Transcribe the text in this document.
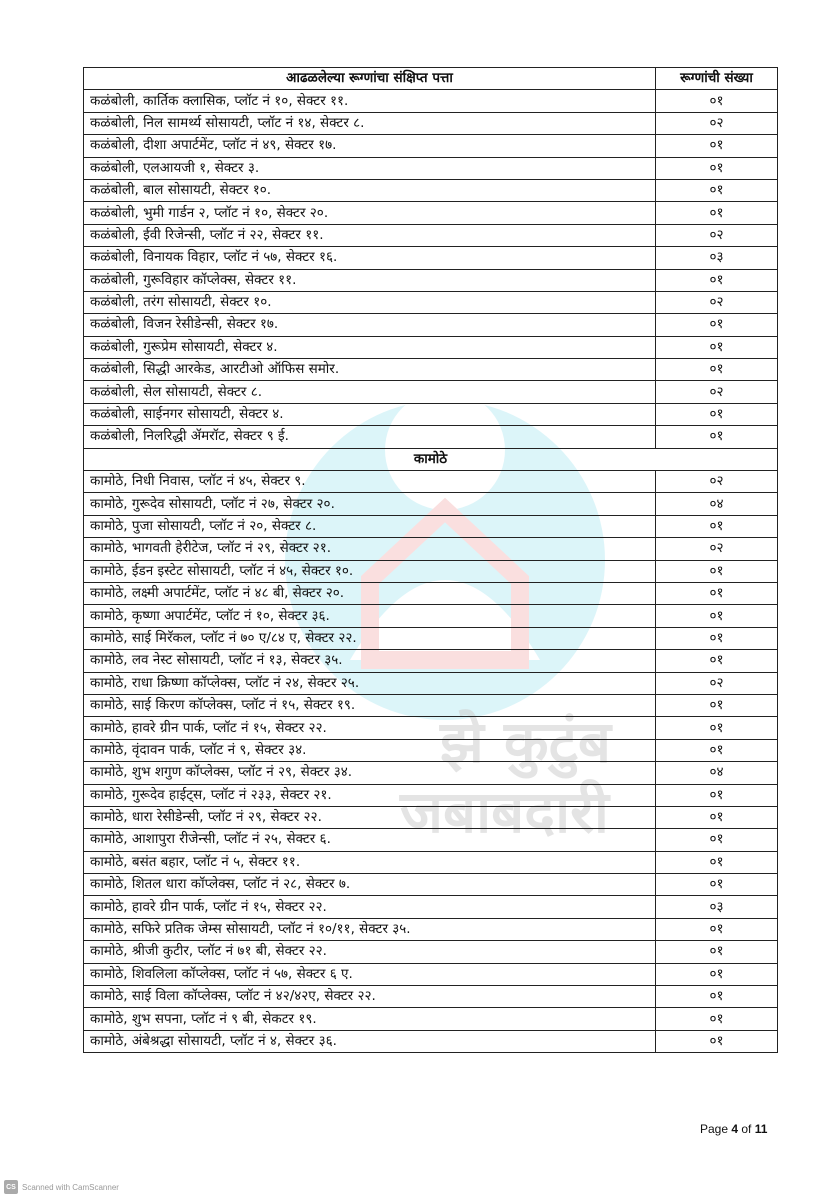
झे कुटुंब
जबाबदारी
आढळलेल्या रूग्णांचा संक्षिप्त पत्ता	रूग्णांची संख्या
कळंबोली, कार्तिक क्लासिक, प्लॉट नं १०, सेक्टर ११.	०१
कळंबोली, निल सामर्थ्य सोसायटी, प्लॉट नं १४, सेक्टर ८.	०२
कळंबोली, दीशा अपार्टमेंट, प्लॉट नं ४९, सेक्टर १७.	०१
कळंबोली, एलआयजी १, सेक्टर ३.	०१
कळंबोली, बाल सोसायटी, सेक्टर १०.	०१
कळंबोली, भुमी गार्डन २, प्लॉट नं १०, सेक्टर २०.	०१
कळंबोली, ईवी रिजेन्सी, प्लॉट नं २२, सेक्टर ११.	०२
कळंबोली, विनायक विहार, प्लॉट नं ५७, सेक्टर १६.	०३
कळंबोली, गुरूविहार कॉप्लेक्स, सेक्टर ११.	०१
कळंबोली, तरंग सोसायटी, सेक्टर १०.	०२
कळंबोली, विजन रेसीडेन्सी, सेक्टर १७.	०१
कळंबोली, गुरूप्रेम सोसायटी, सेक्टर ४.	०१
कळंबोली, सिद्धी आरकेड, आरटीओ ऑफिस समोर.	०१
कळंबोली, सेल सोसायटी, सेक्टर ८.	०२
कळंबोली, साईनगर सोसायटी, सेक्टर ४.	०१
कळंबोली, निलरिद्धी ॲमरॉट, सेक्टर ९ ई.	०१
कामोठे	
कामोठे, निधी निवास, प्लॉट नं ४५, सेक्टर ९.	०२
कामोठे, गुरूदेव सोसायटी, प्लॉट नं २७, सेक्टर २०.	०४
कामोठे, पुजा सोसायटी, प्लॉट नं २०, सेक्टर ८.	०१
कामोठे, भागवती हेरीटेज, प्लॉट नं २९, सेक्टर २१.	०२
कामोठे, ईडन इस्टेट सोसायटी, प्लॉट नं ४५, सेक्टर १०.	०१
कामोठे, लक्ष्मी अपार्टमेंट, प्लॉट नं ४८ बी, सेक्टर २०.	०१
कामोठे, कृष्णा अपार्टमेंट, प्लॉट नं १०, सेक्टर ३६.	०१
कामोठे, साई मिरॅकल, प्लॉट नं ७० ए/८४ ए, सेक्टर २२.	०१
कामोठे, लव नेस्ट सोसायटी, प्लॉट नं १३, सेक्टर ३५.	०१
कामोठे, राधा क्रिष्णा कॉप्लेक्स, प्लॉट नं २४, सेक्टर २५.	०२
कामोठे, साई किरण कॉप्लेक्स, प्लॉट नं १५, सेक्टर १९.	०१
कामोठे, हावरे ग्रीन पार्क, प्लॉट नं १५, सेक्टर २२.	०१
कामोठे, वृंदावन पार्क, प्लॉट नं ९, सेक्टर ३४.	०१
कामोठे, शुभ शगुण कॉप्लेक्स, प्लॉट नं २९, सेक्टर ३४.	०४
कामोठे, गुरूदेव हाईट्स, प्लॉट नं २३३, सेक्टर २१.	०१
कामोठे, धारा रेसीडेन्सी, प्लॉट नं २९, सेक्टर २२.	०१
कामोठे, आशापुरा रीजेन्सी, प्लॉट नं २५, सेक्टर ६.	०१
कामोठे, बसंत बहार, प्लॉट नं ५, सेक्टर ११.	०१
कामोठे, शितल धारा कॉप्लेक्स, प्लॉट नं २८, सेक्टर ७.	०१
कामोठे, हावरे ग्रीन पार्क, प्लॉट नं १५, सेक्टर २२.	०३
कामोठे, सफिरे प्रतिक जेम्स सोसायटी, प्लॉट नं १०/११, सेक्टर ३५.	०१
कामोठे, श्रीजी कुटीर, प्लॉट नं ७१ बी, सेक्टर २२.	०१
कामोठे, शिवलिला कॉप्लेक्स, प्लॉट नं ५७, सेक्टर ६ ए.	०१
कामोठे, साई विला कॉप्लेक्स, प्लॉट नं ४२/४२ए, सेक्टर २२.	०१
कामोठे, शुभ सपना, प्लॉट नं ९ बी, सेकटर १९.	०१
कामोठे, अंबेश्रद्धा सोसायटी, प्लॉट नं ४, सेक्टर ३६.	०१
Page 4 of 11
CS Scanned with CamScanner
